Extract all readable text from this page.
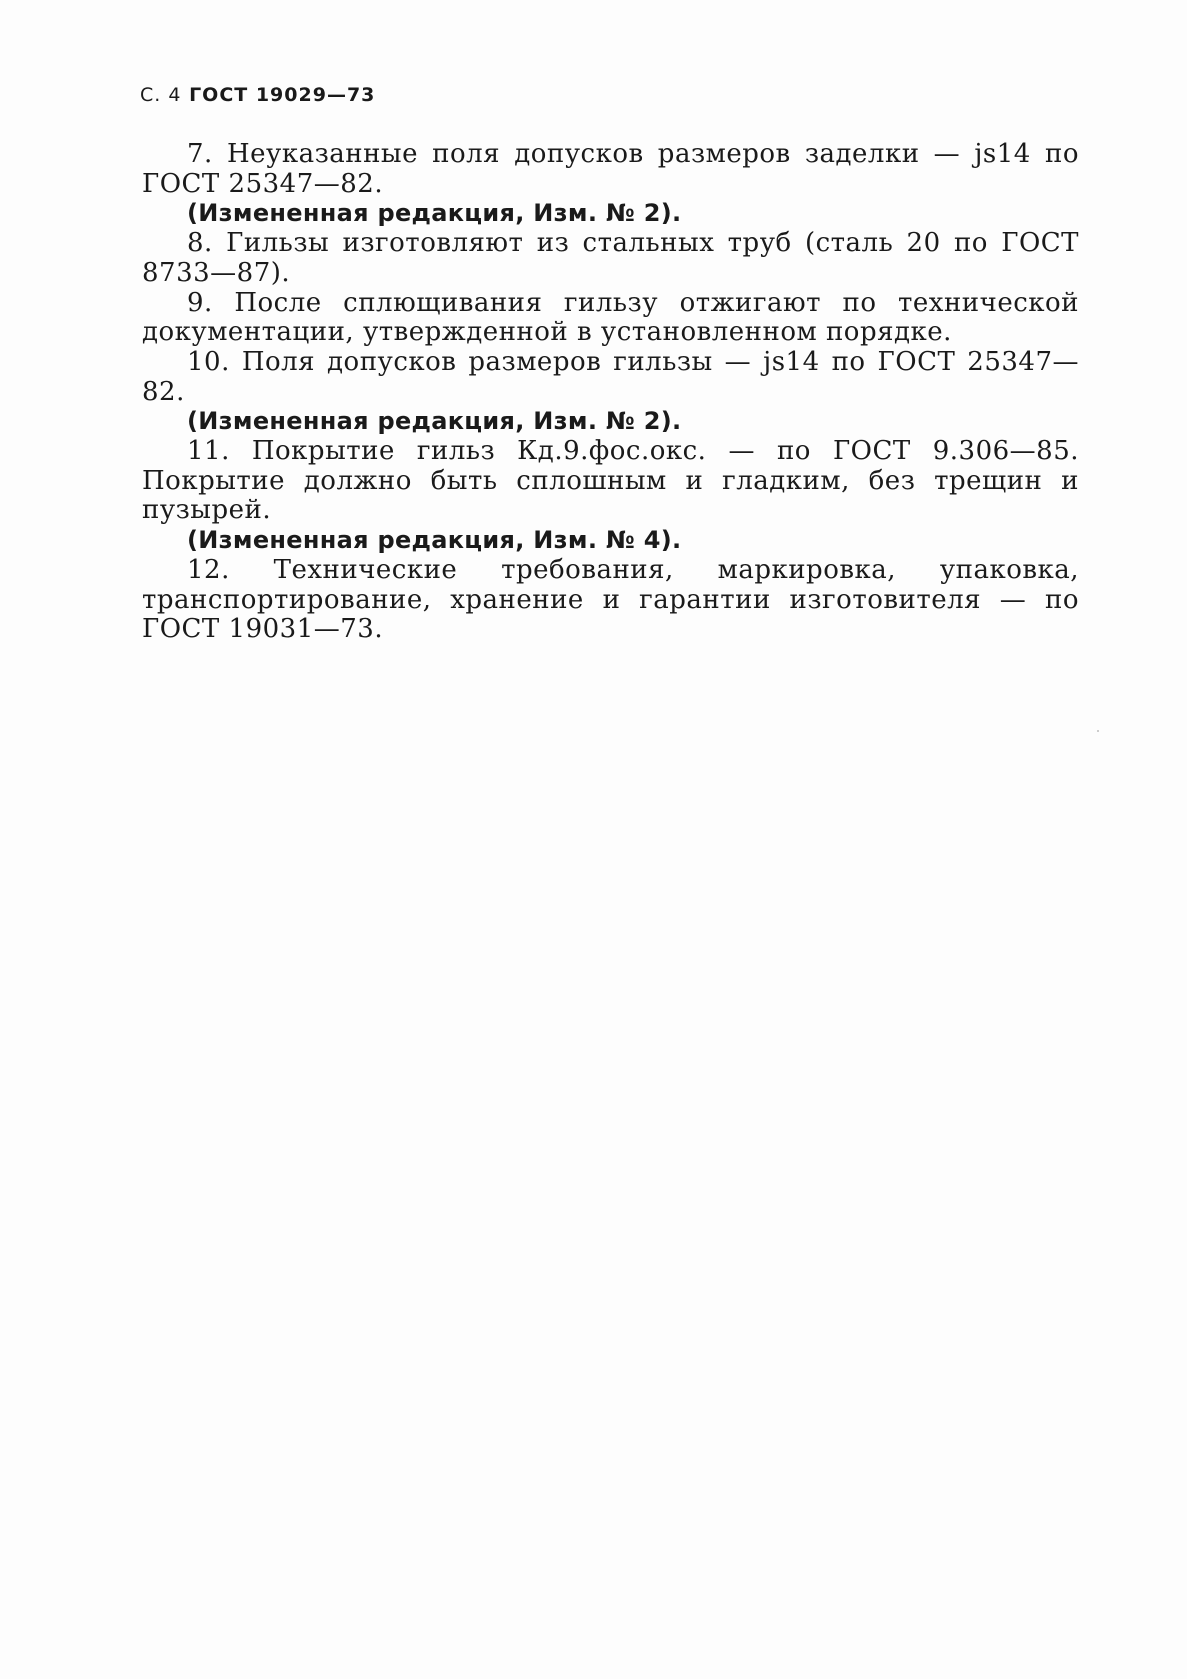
С. 4 ГОСТ 19029—73

7. Неуказанные поля допусков размеров заделки — js14 по ГОСТ 25347—82.

(Измененная редакция, Изм. № 2).

8. Гильзы изготовляют из стальных труб (сталь 20 по ГОСТ 8733—87).

9. После сплющивания гильзу отжигают по технической документации, утвержденной в установленном порядке.

10. Поля допусков размеров гильзы — js14 по ГОСТ 25347—82.

(Измененная редакция, Изм. № 2).

11. Покрытие гильз Кд.9.фос.окс. — по ГОСТ 9.306—85. Покрытие должно быть сплошным и гладким, без трещин и пузырей.

(Измененная редакция, Изм. № 4).

12. Технические требования, маркировка, упаковка, транспортирование, хранение и гарантии изготовителя — по ГОСТ 19031—73.
